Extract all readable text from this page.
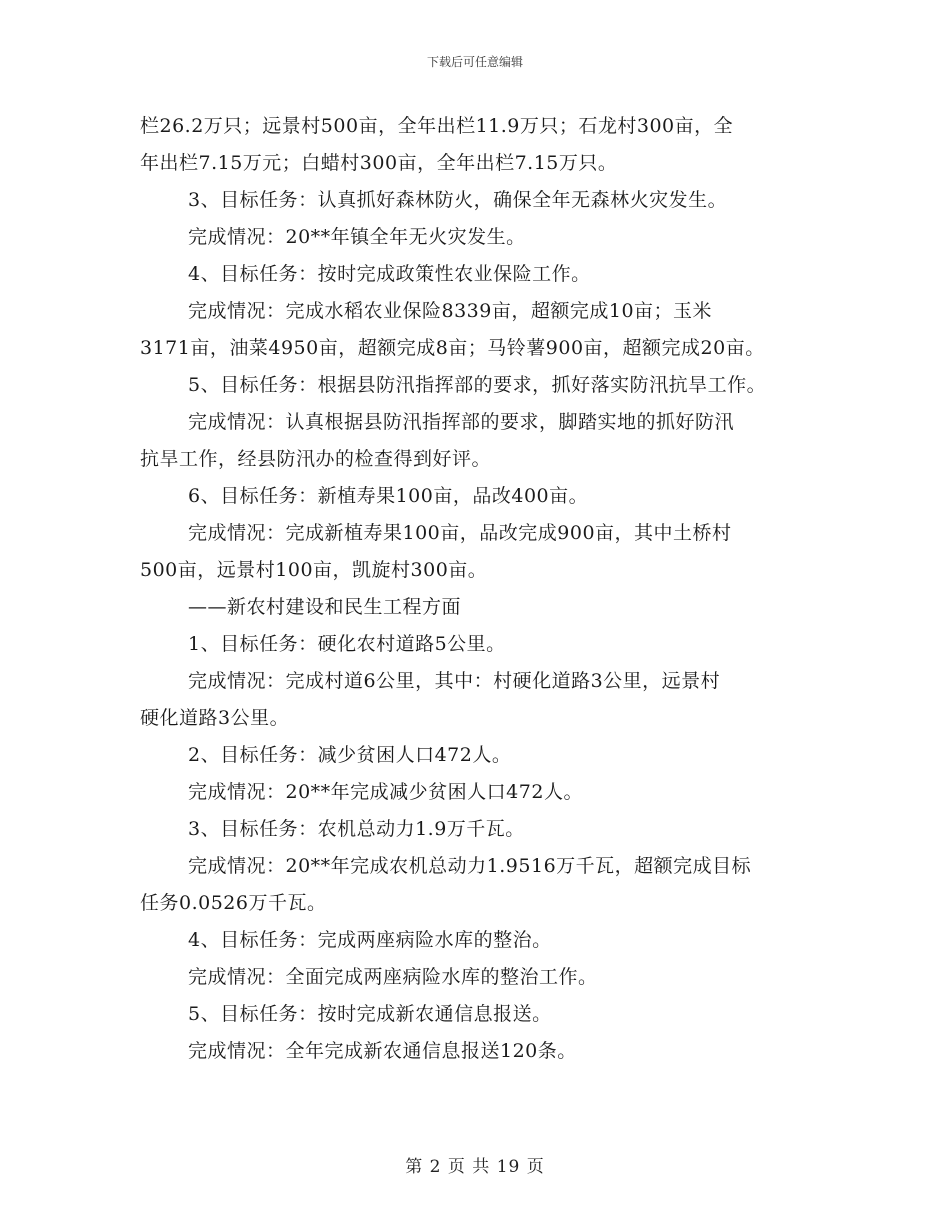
下载后可任意编辑
栏26.2万只；远景村500亩，全年出栏11.9万只；石龙村300亩，全
年出栏7.15万元；白蜡村300亩，全年出栏7.15万只。
3、目标任务：认真抓好森林防火，确保全年无森林火灾发生。
完成情况：20**年镇全年无火灾发生。
4、目标任务：按时完成政策性农业保险工作。
完成情况：完成水稻农业保险8339亩，超额完成10亩；玉米
3171亩，油菜4950亩，超额完成8亩；马铃薯900亩，超额完成20亩。
5、目标任务：根据县防汛指挥部的要求，抓好落实防汛抗旱工作。
完成情况：认真根据县防汛指挥部的要求，脚踏实地的抓好防汛
抗旱工作，经县防汛办的检查得到好评。
6、目标任务：新植寿果100亩，品改400亩。
完成情况：完成新植寿果100亩，品改完成900亩，其中土桥村
500亩，远景村100亩，凯旋村300亩。
——新农村建设和民生工程方面
1、目标任务：硬化农村道路5公里。
完成情况：完成村道6公里，其中：村硬化道路3公里，远景村
硬化道路3公里。
2、目标任务：减少贫困人口472人。
完成情况：20**年完成减少贫困人口472人。
3、目标任务：农机总动力1.9万千瓦。
完成情况：20**年完成农机总动力1.9516万千瓦，超额完成目标
任务0.0526万千瓦。
4、目标任务：完成两座病险水库的整治。
完成情况：全面完成两座病险水库的整治工作。
5、目标任务：按时完成新农通信息报送。
完成情况：全年完成新农通信息报送120条。
第 2 页 共 19 页
